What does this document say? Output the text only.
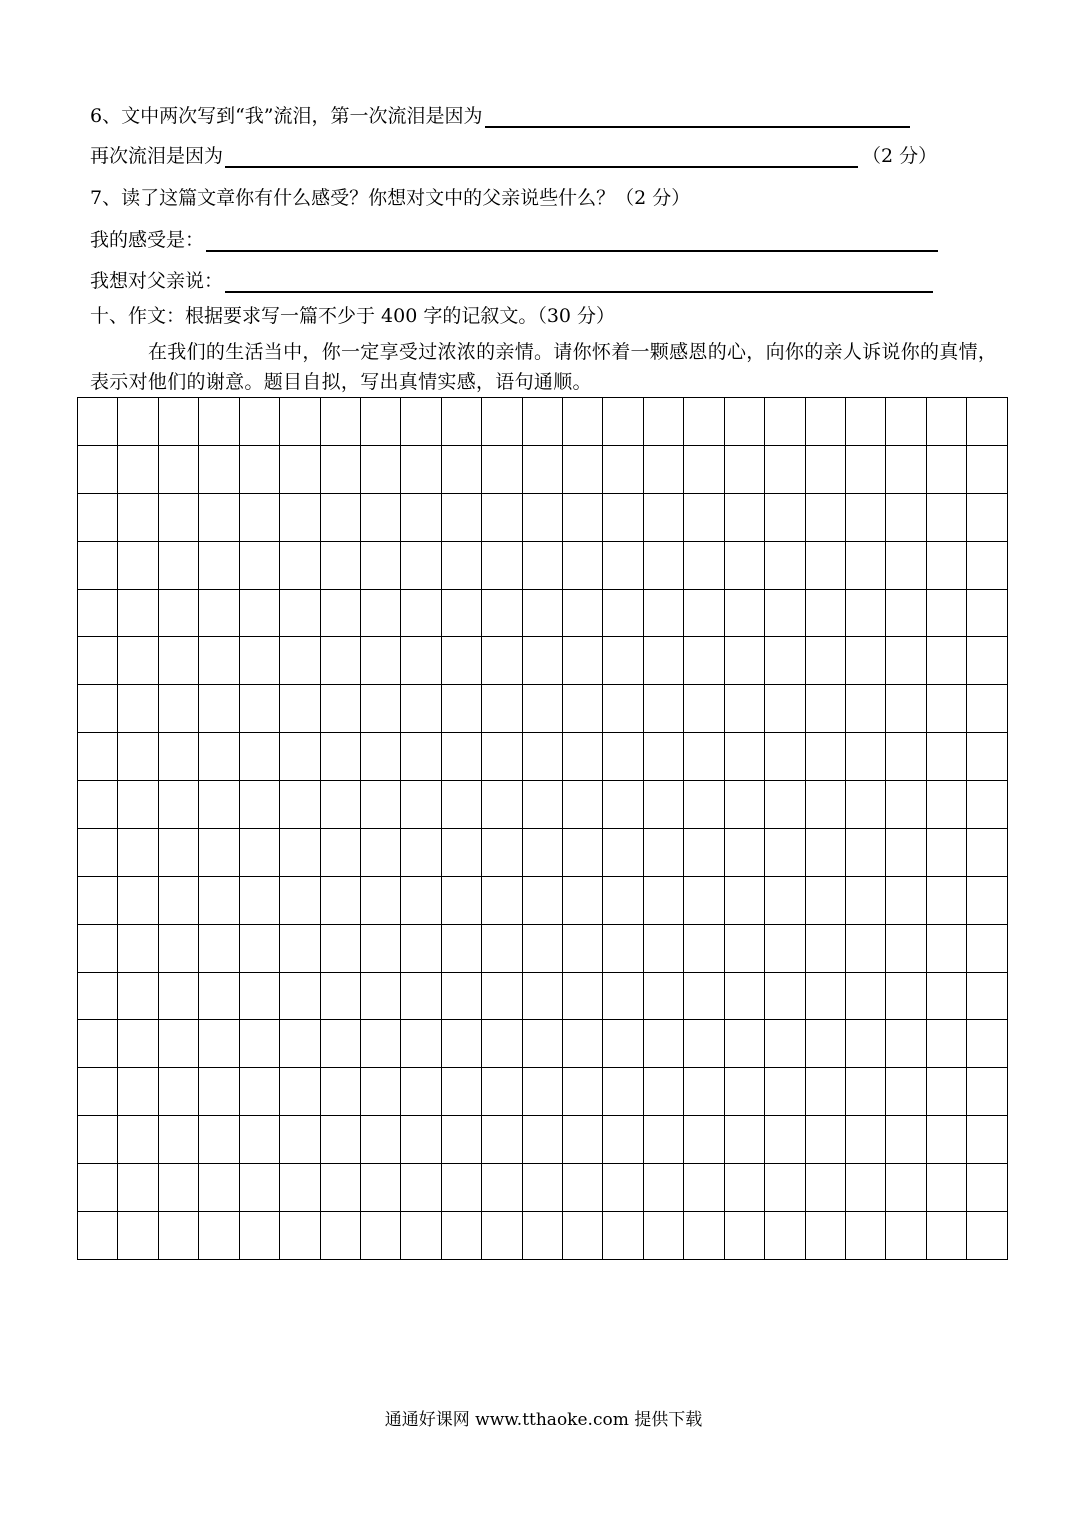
6、文中两次写到“我”流泪，第一次流泪是因为
再次流泪是因为	（2 分）
7、读了这篇文章你有什么感受？你想对文中的父亲说些什么？（2 分）
我的感受是：
我想对父亲说：
十、作文：根据要求写一篇不少于 400 字的记叙文。（30 分）
在我们的生活当中，你一定享受过浓浓的亲情。请你怀着一颗感恩的心，向你的亲人诉说你的真情，表示对他们的谢意。题目自拟，写出真情实感，语句通顺。

通通好课网 www.tthaoke.com 提供下载
